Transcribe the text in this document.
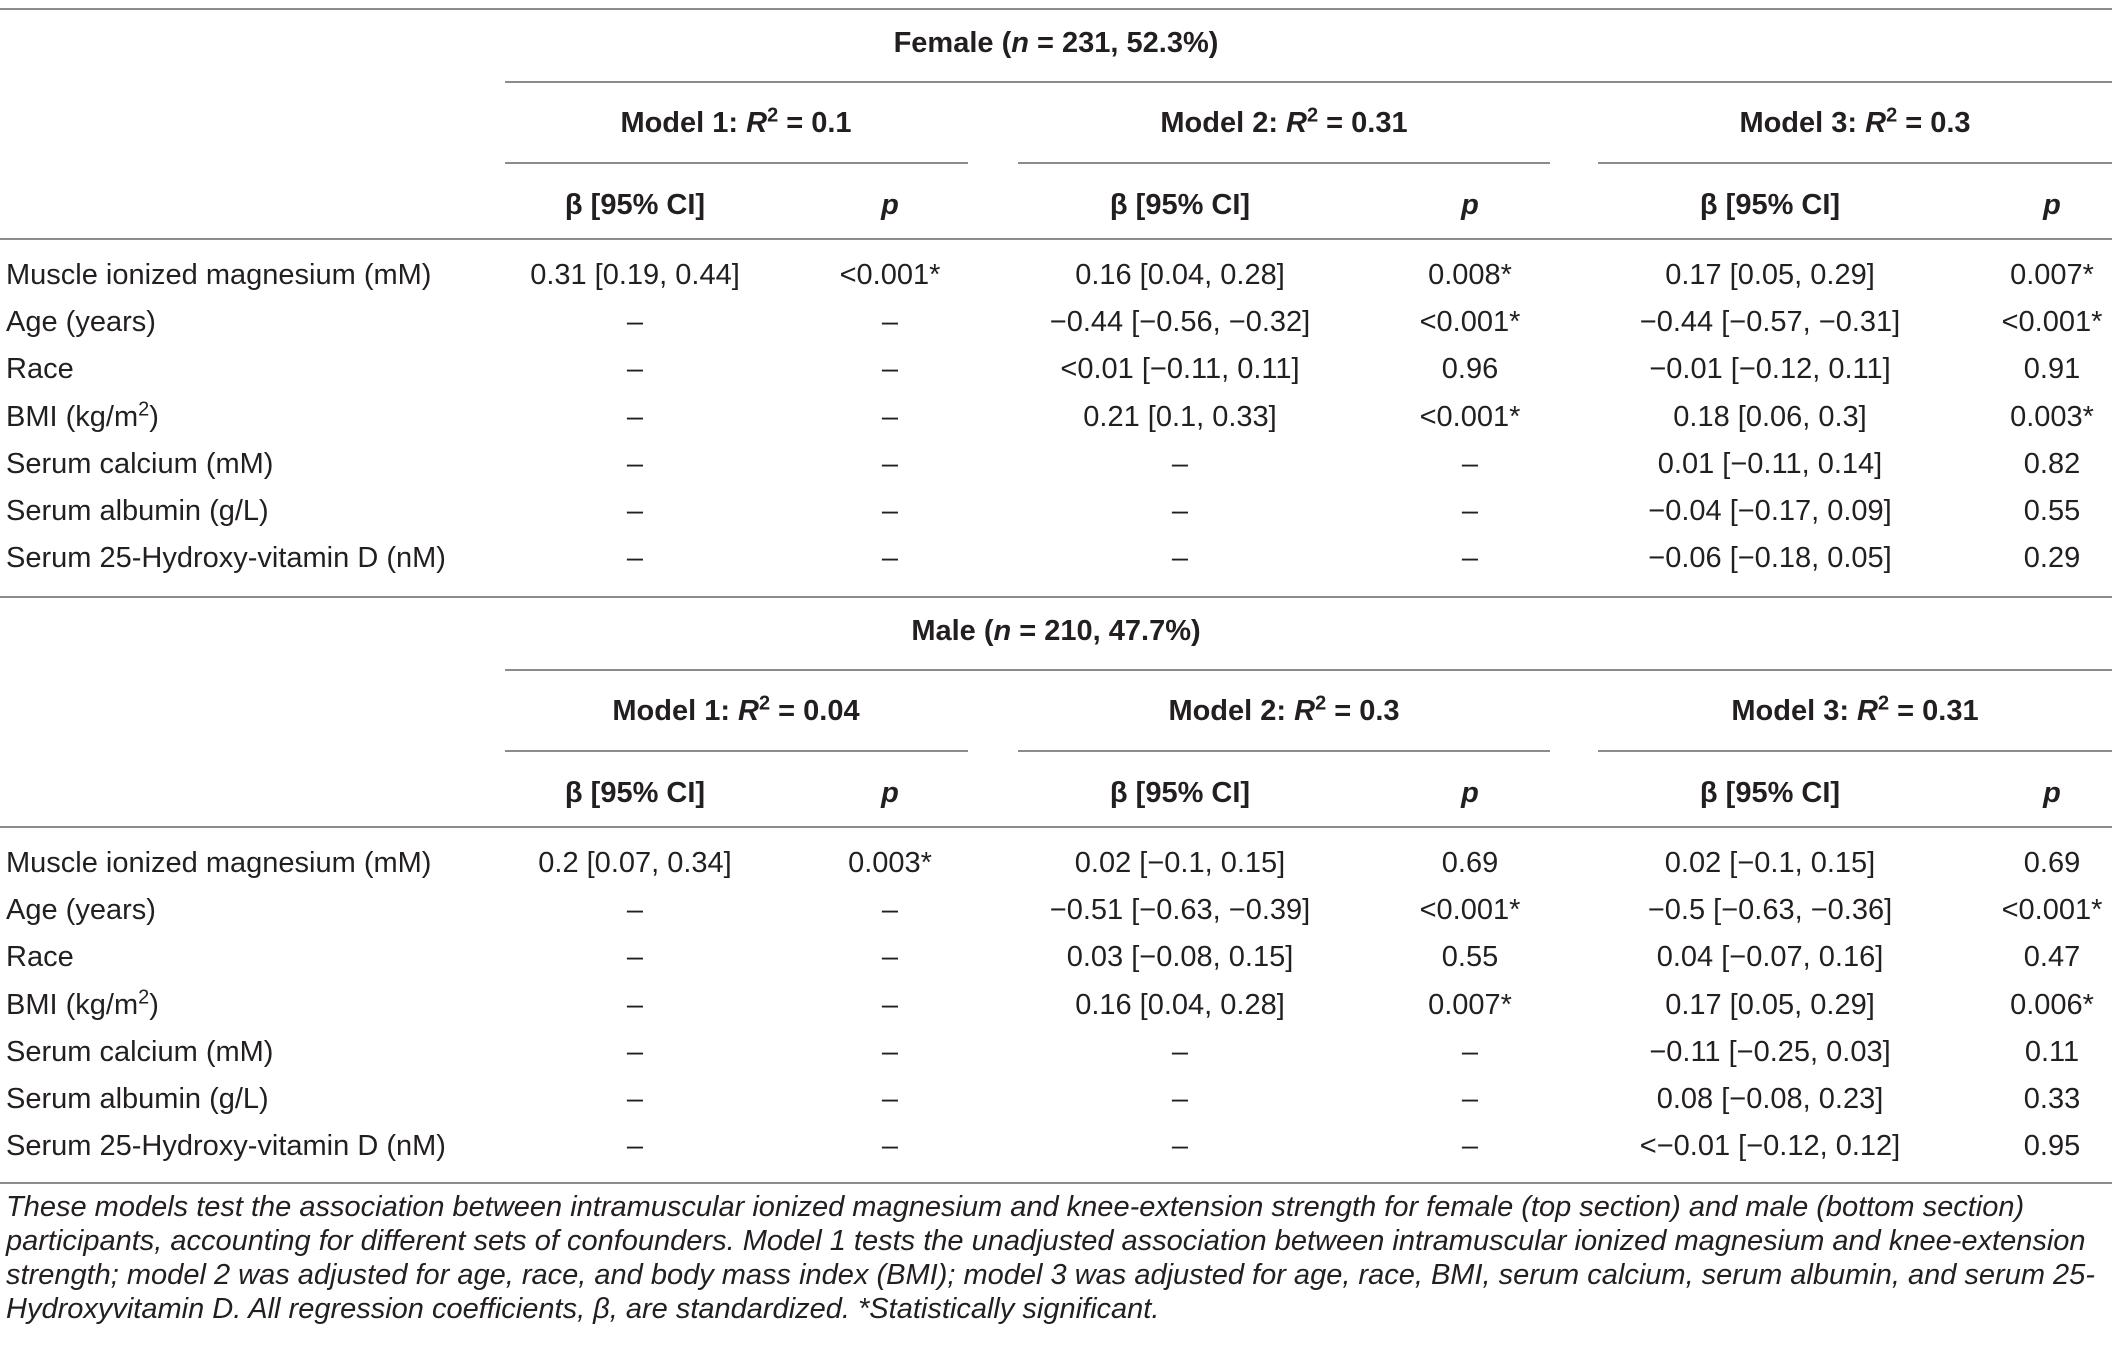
Female (n = 231, 52.3%)
Model 1: $R^2 = 0.1$	Model 2: $R^2 = 0.31$	Model 3: $R^2 = 0.3$
β [95% CI]	p	β [95% CI]	p	β [95% CI]	p
Muscle ionized magnesium (mM)	0.31 [0.19, 0.44]	<0.001*	0.16 [0.04, 0.28]	0.008*	0.17 [0.05, 0.29]	0.007*
Age (years)	–	–	−0.44 [−0.56, −0.32]	<0.001*	−0.44 [−0.57, −0.31]	<0.001*
Race	–	–	<0.01 [−0.11, 0.11]	0.96	−0.01 [−0.12, 0.11]	0.91
BMI $(kg/m^2)$	–	–	0.21 [0.1, 0.33]	<0.001*	0.18 [0.06, 0.3]	0.003*
Serum calcium (mM)	–	–	–	–	0.01 [−0.11, 0.14]	0.82
Serum albumin (g/L)	–	–	–	–	−0.04 [−0.17, 0.09]	0.55
Serum 25-Hydroxy-vitamin D (nM)	–	–	–	–	−0.06 [−0.18, 0.05]	0.29
Male (n = 210, 47.7%)
Model 1: $R^2 = 0.04$	Model 2: $R^2 = 0.3$	Model 3: $R^2 = 0.31$
β [95% CI]	p	β [95% CI]	p	β [95% CI]	p
Muscle ionized magnesium (mM)	0.2 [0.07, 0.34]	0.003*	0.02 [−0.1, 0.15]	0.69	0.02 [−0.1, 0.15]	0.69
Age (years)	–	–	−0.51 [−0.63, −0.39]	<0.001*	−0.5 [−0.63, −0.36]	<0.001*
Race	–	–	0.03 [−0.08, 0.15]	0.55	0.04 [−0.07, 0.16]	0.47
BMI $(kg/m^2)$	–	–	0.16 [0.04, 0.28]	0.007*	0.17 [0.05, 0.29]	0.006*
Serum calcium (mM)	–	–	–	–	−0.11 [−0.25, 0.03]	0.11
Serum albumin (g/L)	–	–	–	–	0.08 [−0.08, 0.23]	0.33
Serum 25-Hydroxy-vitamin D (nM)	–	–	–	–	<−0.01 [−0.12, 0.12]	0.95
These models test the association between intramuscular ionized magnesium and knee-extension strength for female (top section) and male (bottom section) participants, accounting for different sets of confounders. Model 1 tests the unadjusted association between intramuscular ionized magnesium and knee-extension strength; model 2 was adjusted for age, race, and body mass index (BMI); model 3 was adjusted for age, race, BMI, serum calcium, serum albumin, and serum 25-Hydroxyvitamin D. All regression coefficients, β, are standardized. *Statistically significant.
